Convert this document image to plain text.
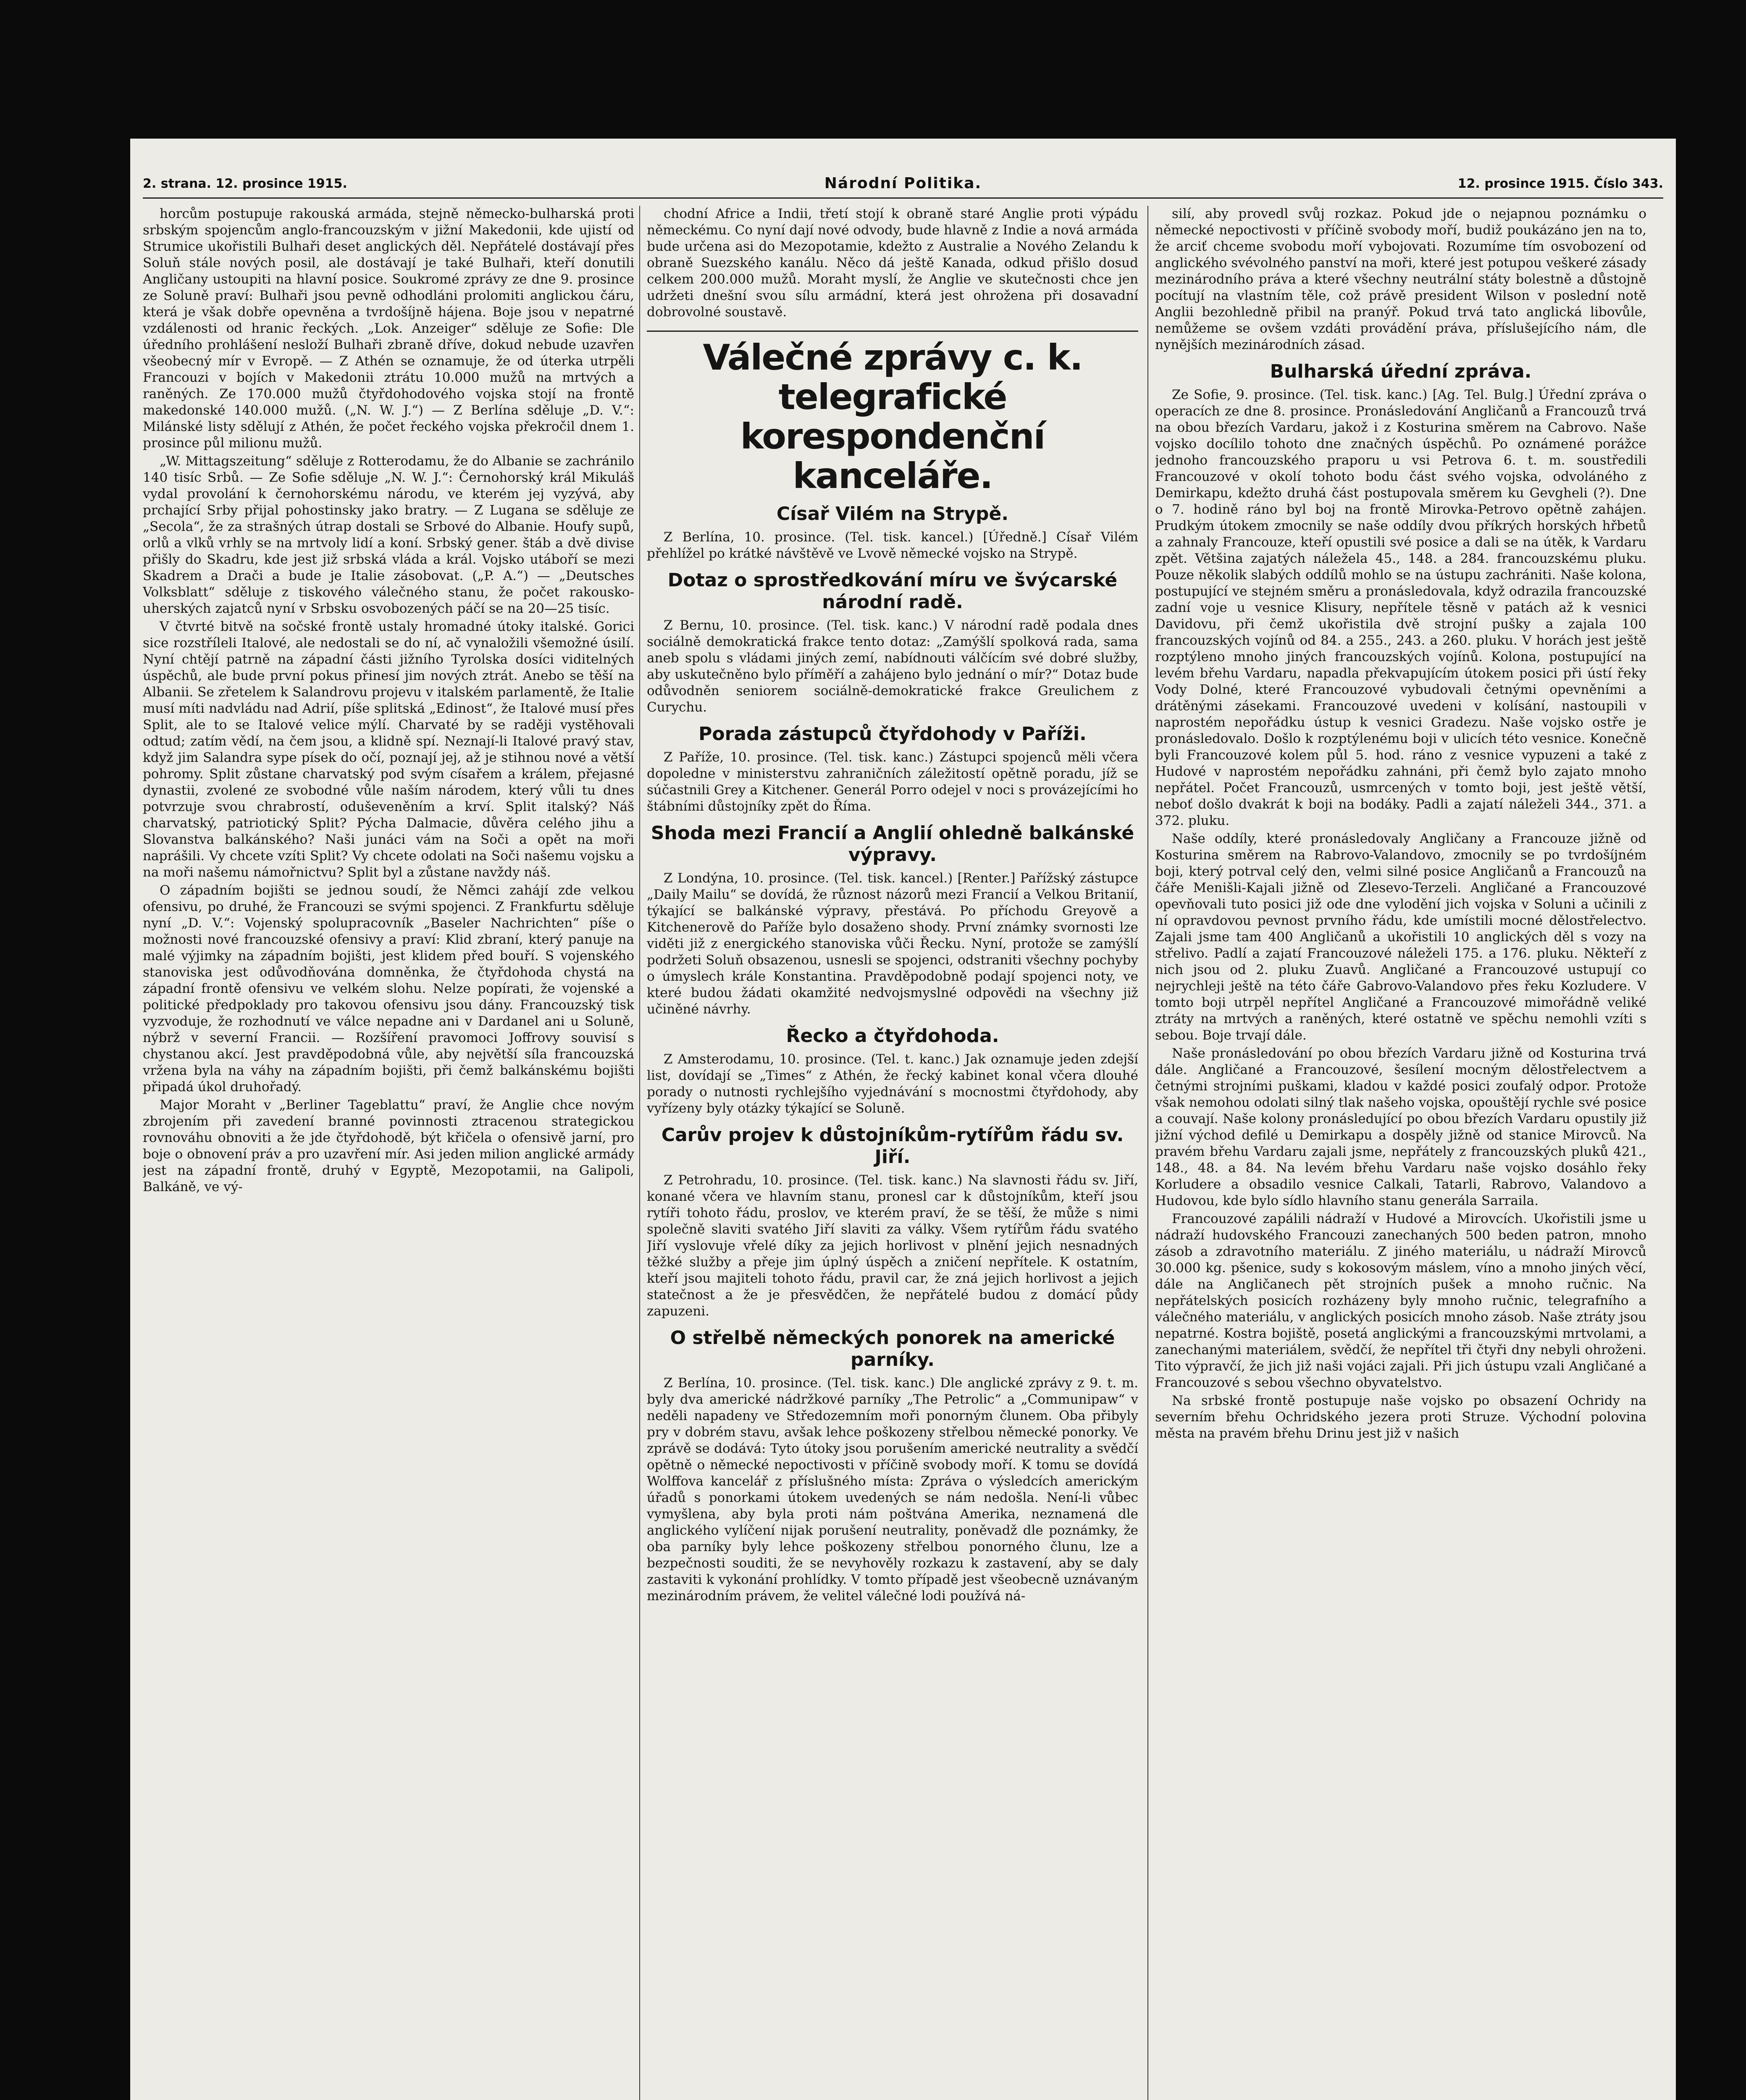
2. strana. 12. prosince 1915.	Národní Politika.	12. prosince 1915. Číslo 343.

horcům postupuje rakouská armáda, stejně německo-bulharská proti srbským spojencům anglo-francouzským v jižní Makedonii, kde ujistí od Strumice ukořistili Bulhaři deset anglických děl. Nepřátelé dostávají přes Soluň stále nových posil, ale dostávají je také Bulhaři, kteří donutili Angličany ustoupiti na hlavní posice. Soukromé zprávy ze dne 9. prosince ze Soluně praví: Bulhaři jsou pevně odhodláni prolomiti anglickou čáru, která je však dobře opevněna a tvrdošíjně hájena. Boje jsou v nepatrné vzdálenosti od hranic řeckých. „Lok. Anzeiger“ sděluje ze Sofie: Dle úředního prohlášení nesloží Bulhaři zbraně dříve, dokud nebude uzavřen všeobecný mír v Evropě. — Z Athén se oznamuje, že od úterka utrpěli Francouzi v bojích v Makedonii ztrátu 10.000 mužů na mrtvých a raněných. Ze 170.000 mužů čtyřdohodového vojska stojí na frontě makedonské 140.000 mužů. („N. W. J.“) — Z Berlína sděluje „D. V.“: Milánské listy sdělují z Athén, že počet řeckého vojska překročil dnem 1. prosince půl milionu mužů.

„W. Mittagszeitung“ sděluje z Rotterodamu, že do Albanie se zachránilo 140 tisíc Srbů. — Ze Sofie sděluje „N. W. J.“: Černohorský král Mikuláš vydal provolání k černohorskému národu, ve kterém jej vyzývá, aby prchající Srby přijal pohostinsky jako bratry. — Z Lugana se sděluje ze „Secola“, že za strašných útrap dostali se Srbové do Albanie. Houfy supů, orlů a vlků vrhly se na mrtvoly lidí a koní. Srbský gener. štáb a dvě divise přišly do Skadru, kde jest již srbská vláda a král. Vojsko utáboří se mezi Skadrem a Drači a bude je Italie zásobovat. („P. A.“) — „Deutsches Volksblatt“ sděluje z tiskového válečného stanu, že počet rakousko-uherských zajatců nyní v Srbsku osvobozených páčí se na 20—25 tisíc.

V čtvrté bitvě na sočské frontě ustaly hromadné útoky italské. Gorici sice rozstříleli Italové, ale nedostali se do ní, ač vynaložili všemožné úsilí. Nyní chtějí patrně na západní části jižního Tyrolska dosíci viditelných úspěchů, ale bude první pokus přinesí jim nových ztrát. Anebo se těší na Albanii. Se zřetelem k Salandrovu projevu v italském parlamentě, že Italie musí míti nadvládu nad Adrií, píše splitská „Edinost“, že Italové musí přes Split, ale to se Italové velice mýlí. Charvaté by se raději vystěhovali odtud; zatím vědí, na čem jsou, a klidně spí. Neznají-li Italové pravý stav, když jim Salandra sype písek do očí, poznají jej, až je stihnou nové a větší pohromy. Split zůstane charvatský pod svým císařem a králem, přejasné dynastii, zvolené ze svobodné vůle naším národem, který vůli tu dnes potvrzuje svou chrabrostí, oduševeněním a krví. Split italský? Náš charvatský, patriotický Split? Pýcha Dalmacie, důvěra celého jihu a Slovanstva balkánského? Naši junáci vám na Soči a opět na moři naprášili. Vy chcete vzíti Split? Vy chcete odolati na Soči našemu vojsku a na moři našemu námořnictvu? Split byl a zůstane navždy náš.

O západním bojišti se jednou soudí, že Němci zahájí zde velkou ofensivu, po druhé, že Francouzi se svými spojenci. Z Frankfurtu sděluje nyní „D. V.“: Vojenský spolupracovník „Baseler Nachrichten“ píše o možnosti nové francouzské ofensivy a praví: Klid zbraní, který panuje na malé výjimky na západním bojišti, jest klidem před bouří. S vojenského stanoviska jest odůvodňována domněnka, že čtyřdohoda chystá na západní frontě ofensivu ve velkém slohu. Nelze popírati, že vojenské a politické předpoklady pro takovou ofensivu jsou dány. Francouzský tisk vyzvoduje, že rozhodnutí ve válce nepadne ani v Dardanel ani u Soluně, nýbrž v severní Francii. — Rozšíření pravomoci Joffrovy souvisí s chystanou akcí. Jest pravděpodobná vůle, aby největší síla francouzská vržena byla na váhy na západním bojišti, při čemž balkánskému bojišti připadá úkol druhořadý.

Major Moraht v „Berliner Tageblattu“ praví, že Anglie chce novým zbrojením při zavedení branné povinnosti ztracenou strategickou rovnováhu obnoviti a že jde čtyřdohodě, být křičela o ofensivě jarní, pro boje o obnovení práv a pro uzavření mír. Asi jeden milion anglické armády jest na západní frontě, druhý v Egyptě, Mezopotamii, na Galipoli, Balkáně, ve vý-

chodní Africe a Indii, třetí stojí k obraně staré Anglie proti výpádu německému. Co nyní dají nové odvody, bude hlavně z Indie a nová armáda bude určena asi do Mezopotamie, kdežto z Australie a Nového Zelandu k obraně Suezského kanálu. Něco dá ještě Kanada, odkud přišlo dosud celkem 200.000 mužů. Moraht myslí, že Anglie ve skutečnosti chce jen udržeti dnešní svou sílu armádní, která jest ohrožena při dosavadní dobrovolné soustavě.

Válečné zprávy c. k. telegrafické korespondenční kanceláře.
Císař Vilém na Strypě.

Z Berlína, 10. prosince. (Tel. tisk. kancel.) [Úředně.] Císař Vilém přehlížel po krátké návštěvě ve Lvově německé vojsko na Strypě.

Dotaz o sprostředkování míru ve švýcarské národní radě.

Z Bernu, 10. prosince. (Tel. tisk. kanc.) V národní radě podala dnes sociálně demokratická frakce tento dotaz: „Zamýšlí spolková rada, sama aneb spolu s vládami jiných zemí, nabídnouti válčícím své dobré služby, aby uskutečněno bylo příměří a zahájeno bylo jednání o mír?“ Dotaz bude odůvodněn seniorem sociálně-demokratické frakce Greulichem z Curychu.

Porada zástupců čtyřdohody v Paříži.

Z Paříže, 10. prosince. (Tel. tisk. kanc.) Zástupci spojenců měli včera dopoledne v ministerstvu zahraničních záležitostí opětně poradu, jíž se súčastnili Grey a Kitchener. Generál Porro odejel v noci s provázejícími ho štábními důstojníky zpět do Říma.

Shoda mezi Francií a Anglií ohledně balkánské výpravy.

Z Londýna, 10. prosince. (Tel. tisk. kancel.) [Renter.] Pařížský zástupce „Daily Mailu“ se dovídá, že různost názorů mezi Francií a Velkou Britanií, týkající se balkánské výpravy, přestává. Po příchodu Greyově a Kitchenerově do Paříže bylo dosaženo shody. První známky svornosti lze viděti již z energického stanoviska vůči Řecku. Nyní, protože se zamýšlí podržeti Soluň obsazenou, usnesli se spojenci, odstraniti všechny pochyby o úmyslech krále Konstantina. Pravděpodobně podají spojenci noty, ve které budou žádati okamžité nedvojsmyslné odpovědi na všechny již učiněné návrhy.

Řecko a čtyřdohoda.

Z Amsterodamu, 10. prosince. (Tel. t. kanc.) Jak oznamuje jeden zdejší list, dovídají se „Times“ z Athén, že řecký kabinet konal včera dlouhé porady o nutnosti rychlejšího vyjednávání s mocnostmi čtyřdohody, aby vyřízeny byly otázky týkající se Soluně.

Carův projev k důstojníkům-rytířům řádu sv. Jiří.

Z Petrohradu, 10. prosince. (Tel. tisk. kanc.) Na slavnosti řádu sv. Jiří, konané včera ve hlavním stanu, pronesl car k důstojníkům, kteří jsou rytíři tohoto řádu, proslov, ve kterém praví, že se těší, že může s nimi společně slaviti svatého Jiří slaviti za války. Všem rytířům řádu svatého Jiří vyslovuje vřelé díky za jejich horlivost v plnění jejich nesnadných těžké služby a přeje jim úplný úspěch a zničení nepřítele. K ostatním, kteří jsou majiteli tohoto řádu, pravil car, že zná jejich horlivost a jejich statečnost a že je přesvědčen, že nepřátelé budou z domácí půdy zapuzeni.

O střelbě německých ponorek na americké parníky.

Z Berlína, 10. prosince. (Tel. tisk. kanc.) Dle anglické zprávy z 9. t. m. byly dva americké nádržkové parníky „The Petrolic“ a „Communipaw“ v neděli napadeny ve Středozemním moři ponorným člunem. Oba přibyly pry v dobrém stavu, avšak lehce poškozeny střelbou německé ponorky. Ve zprávě se dodává: Tyto útoky jsou porušením americké neutrality a svědčí opětně o německé nepoctivosti v příčině svobody moří. K tomu se dovídá Wolffova kancelář z příslušného místa: Zpráva o výsledcích americkým úřadů s ponorkami útokem uvedených se nám nedošla. Není-li vůbec vymyšlena, aby byla proti nám poštvána Amerika, neznamená dle anglického vylíčení nijak porušení neutrality, poněvadž dle poznámky, že oba parníky byly lehce poškozeny střelbou ponorného člunu, lze a bezpečnosti souditi, že se nevyhověly rozkazu k zastavení, aby se daly zastaviti k vykonání prohlídky. V tomto případě jest všeobecně uznávaným mezinárodním právem, že velitel válečné lodi používá ná-

silí, aby provedl svůj rozkaz. Pokud jde o nejapnou poznámku o německé nepoctivosti v příčině svobody moří, budiž poukázáno jen na to, že arciť chceme svobodu moří vybojovati. Rozumíme tím osvobození od anglického svévolného panství na moři, které jest potupou veškeré zásady mezinárodního práva a které všechny neutrální státy bolestně a důstojně pocítují na vlastním těle, což právě president Wilson v poslední notě Anglii bezohledně přibil na pranýř. Pokud trvá tato anglická libovůle, nemůžeme se ovšem vzdáti provádění práva, příslušejícího nám, dle nynějších mezinárodních zásad.

Bulharská úřední zpráva.

Ze Sofie, 9. prosince. (Tel. tisk. kanc.) [Ag. Tel. Bulg.] Úřední zpráva o operacích ze dne 8. prosince. Pronásledování Angličanů a Francouzů trvá na obou březích Vardaru, jakož i z Kosturina směrem na Cabrovo. Naše vojsko docílilo tohoto dne značných úspěchů. Po oznámené porážce jednoho francouzského praporu u vsi Petrova 6. t. m. soustředili Francouzové v okolí tohoto bodu část svého vojska, odvoláného z Demirkapu, kdežto druhá část postupovala směrem ku Gevgheli (?). Dne o 7. hodině ráno byl boj na frontě Mirovka-Petrovo opětně zahájen. Prudkým útokem zmocnily se naše oddíly dvou příkrých horských hřbetů a zahnaly Francouze, kteří opustili své posice a dali se na útěk, k Vardaru zpět. Většina zajatých náležela 45., 148. a 284. francouzskému pluku. Pouze několik slabých oddílů mohlo se na ústupu zachrániti. Naše kolona, postupující ve stejném směru a pronásledovala, když odrazila francouzské zadní voje u vesnice Klisury, nepřítele těsně v patách až k vesnici Davidovu, při čemž ukořistila dvě strojní pušky a zajala 100 francouzských vojínů od 84. a 255., 243. a 260. pluku. V horách jest ještě rozptýleno mnoho jiných francouzských vojínů. Kolona, postupující na levém břehu Vardaru, napadla překvapujícím útokem posici při ústí řeky Vody Dolné, které Francouzové vybudovali četnými opevněními a drátěnými zásekami. Francouzové uvedeni v kolísání, nastoupili v naprostém nepořádku ústup k vesnici Gradezu. Naše vojsko ostře je pronásledovalo. Došlo k rozptýlenému boji v ulicích této vesnice. Konečně byli Francouzové kolem půl 5. hod. ráno z vesnice vypuzeni a také z Hudové v naprostém nepořádku zahnáni, při čemž bylo zajato mnoho nepřátel. Počet Francouzů, usmrcených v tomto boji, jest ještě větší, neboť došlo dvakrát k boji na bodáky. Padli a zajatí náleželi 344., 371. a 372. pluku.

Naše oddíly, které pronásledovaly Angličany a Francouze jižně od Kosturina směrem na Rabrovo-Valandovo, zmocnily se po tvrdošíjném boji, který potrval celý den, velmi silné posice Angličanů a Francouzů na čáře Menišli-Kajali jižně od Zlesevo-Terzeli. Angličané a Francouzové opevňovali tuto posici již ode dne vylodění jich vojska v Soluni a učinili z ní opravdovou pevnost prvního řádu, kde umístili mocné dělostřelectvo. Zajali jsme tam 400 Angličanů a ukořistili 10 anglických děl s vozy na střelivo. Padlí a zajatí Francouzové náleželi 175. a 176. pluku. Někteří z nich jsou od 2. pluku Zuavů. Angličané a Francouzové ustupují co nejrychleji ještě na této čáře Gabrovo-Valandovo přes řeku Kozludere. V tomto boji utrpěl nepřítel Angličané a Francouzové mimořádně veliké ztráty na mrtvých a raněných, které ostatně ve spěchu nemohli vzíti s sebou. Boje trvají dále.

Naše pronásledování po obou březích Vardaru jižně od Kosturina trvá dále. Angličané a Francouzové, šesílení mocným dělostřelectvem a četnými strojními puškami, kladou v každé posici zoufalý odpor. Protože však nemohou odolati silný tlak našeho vojska, opouštějí rychle své posice a couvají. Naše kolony pronásledující po obou březích Vardaru opustily již jižní východ defilé u Demirkapu a dospěly jižně od stanice Mirovců. Na pravém břehu Vardaru zajali jsme, nepřátely z francouzských pluků 421., 148., 48. a 84. Na levém břehu Vardaru naše vojsko dosáhlo řeky Korludere a obsadilo vesnice Calkali, Tatarli, Rabrovo, Valandovo a Hudovou, kde bylo sídlo hlavního stanu generála Sarraila.

Francouzové zapálili nádraží v Hudové a Mirovcích. Ukořistili jsme u nádraží hudovského Francouzi zanechaných 500 beden patron, mnoho zásob a zdravotního materiálu. Z jiného materiálu, u nádraží Mirovců 30.000 kg. pšenice, sudy s kokosovým máslem, víno a mnoho jiných věcí, dále na Angličanech pět strojních pušek a mnoho ručnic. Na nepřátelských posicích rozházeny byly mnoho ručnic, telegrafního a válečného materiálu, v anglických posicích mnoho zásob. Naše ztráty jsou nepatrné. Kostra bojiště, posetá anglickými a francouzskými mrtvolami, a zanechanými materiálem, svědčí, že nepřítel tři čtyři dny nebyli ohroženi. Tito výpravčí, že jich již naši vojáci zajali. Při jich ústupu vzali Angličané a Francouzové s sebou všechno obyvatelstvo.

Na srbské frontě postupuje naše vojsko po obsazení Ochridy na severním břehu Ochridského jezera proti Struze. Východní polovina města na pravém břehu Drinu jest již v našich
